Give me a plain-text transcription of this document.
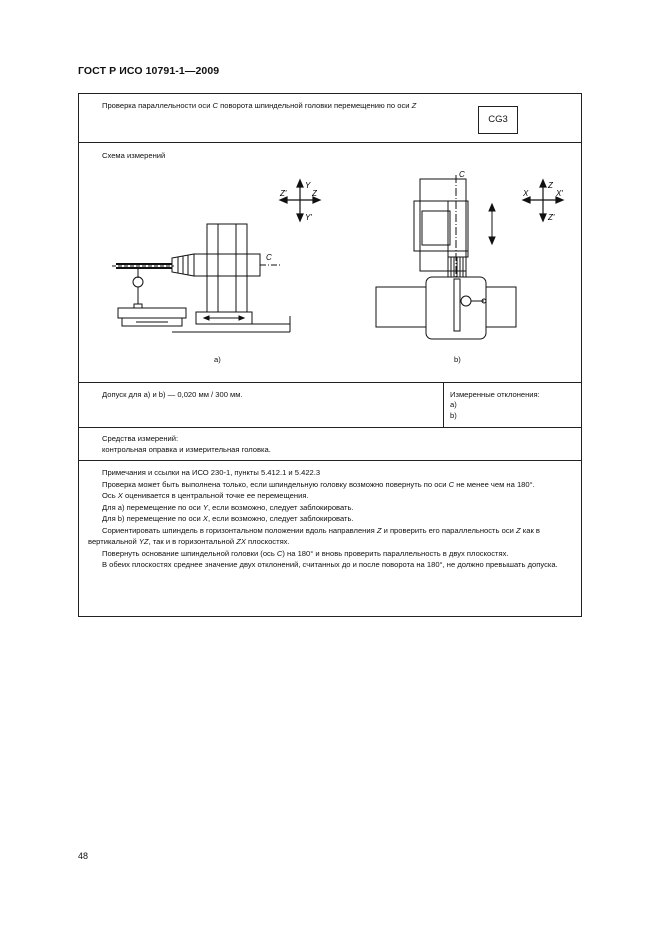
ГОСТ Р ИСО 10791-1—2009
Проверка параллельности оси C поворота шпиндельной головки перемещению по оси Z
CG3
Схема измерений
Y
Z'	Z
Y'
C
а)
C
Z
X	X'
Z'
b)
Допуск для а) и b) — 0,020 мм / 300 мм.	Измеренные отклонения:
а)
b)
Средства измерений:
контрольная оправка и измерительная головка.

Примечания и ссылки на ИСО 230-1, пункты 5.412.1 и 5.422.3

Проверка может быть выполнена только, если шпиндельную головку возможно повернуть по оси C не менее чем на 180°.

Ось X оценивается в центральной точке ее перемещения.

Для а) перемещение по оси Y, если возможно, следует заблокировать.

Для b) перемещение по оси X, если возможно, следует заблокировать.

Сориентировать шпиндель в горизонтальном положении вдоль направления Z и проверить его параллельность оси Z как в вертикальной YZ, так и в горизонтальной ZX плоскостях.

Повернуть основание шпиндельной головки (ось C) на 180° и вновь проверить параллельность в двух плоскостях.

В обеих плоскостях среднее значение двух отклонений, считанных до и после поворота на 180°, не должно превышать допуска.

48
